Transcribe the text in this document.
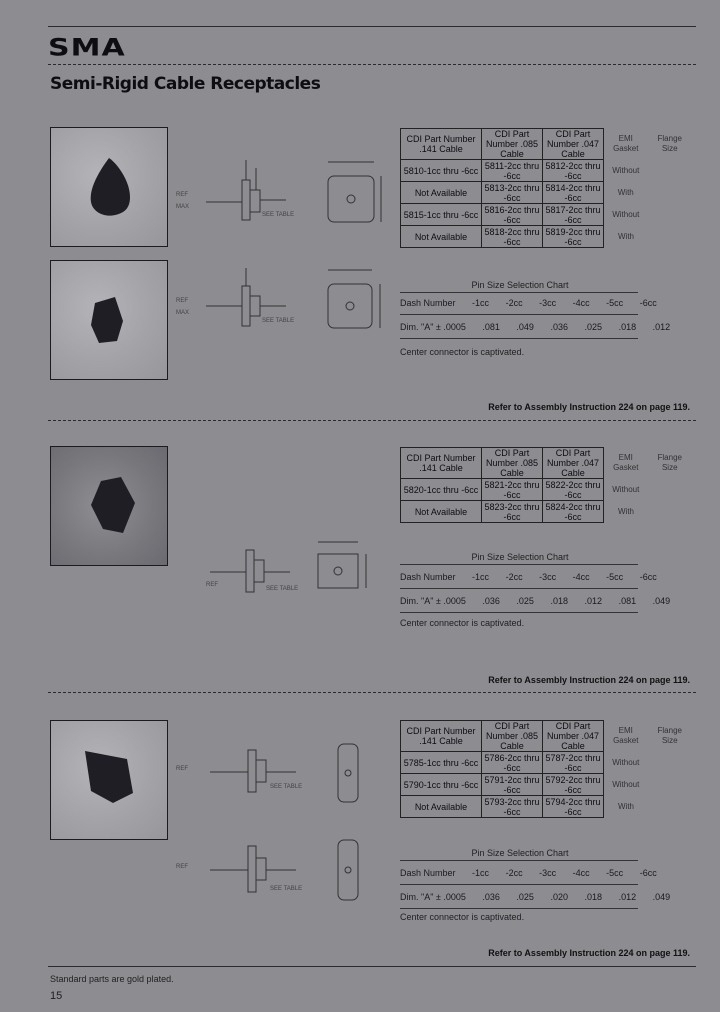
SMA
Semi-Rigid Cable Receptacles
REF
MAX
SEE TABLE
REF
MAX
SEE TABLE
CDI Part Number .141 Cable	CDI Part Number .085 Cable	CDI Part Number .047 Cable	EMI Gasket	Flange Size
5810-1cc thru -6cc	5811-2cc thru -6cc	5812-2cc thru -6cc	Without	
Not Available	5813-2cc thru -6cc	5814-2cc thru -6cc	With	
5815-1cc thru -6cc	5816-2cc thru -6cc	5817-2cc thru -6cc	Without	
Not Available	5818-2cc thru -6cc	5819-2cc thru -6cc	With	
Pin Size Selection Chart
Dash Number -1cc -2cc -3cc -4cc -5cc -6cc
Dim. "A" ± .0005 .081 .049 .036 .025 .018 .012
Center connector is captivated.
Refer to Assembly Instruction 224 on page 119.
REF
SEE TABLE
CDI Part Number .141 Cable	CDI Part Number .085 Cable	CDI Part Number .047 Cable	EMI Gasket	Flange Size
5820-1cc thru -6cc	5821-2cc thru -6cc	5822-2cc thru -6cc	Without	
Not Available	5823-2cc thru -6cc	5824-2cc thru -6cc	With	
Pin Size Selection Chart
Dash Number -1cc -2cc -3cc -4cc -5cc -6cc
Dim. "A" ± .0005 .036 .025 .018 .012 .081 .049
Center connector is captivated.
Refer to Assembly Instruction 224 on page 119.
REF
SEE TABLE
REF
SEE TABLE
CDI Part Number .141 Cable	CDI Part Number .085 Cable	CDI Part Number .047 Cable	EMI Gasket	Flange Size
5785-1cc thru -6cc	5786-2cc thru -6cc	5787-2cc thru -6cc	Without	
5790-1cc thru -6cc	5791-2cc thru -6cc	5792-2cc thru -6cc	Without	
Not Available	5793-2cc thru -6cc	5794-2cc thru -6cc	With	
Pin Size Selection Chart
Dash Number -1cc -2cc -3cc -4cc -5cc -6cc
Dim. "A" ± .0005 .036 .025 .020 .018 .012 .049
Center connector is captivated.
Refer to Assembly Instruction 224 on page 119.
Standard parts are gold plated.
15
